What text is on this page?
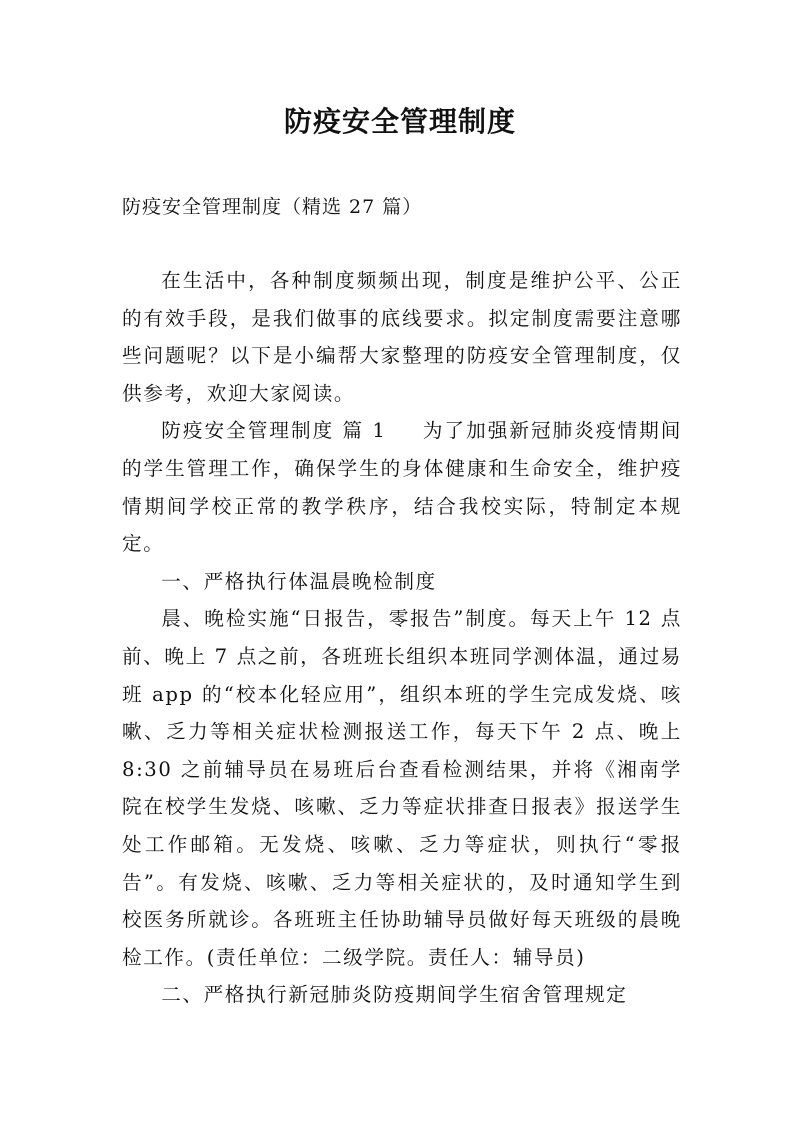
防疫安全管理制度
防疫安全管理制度（精选 27 篇）

在生活中，各种制度频频出现，制度是维护公平、公正的有效手段，是我们做事的底线要求。拟定制度需要注意哪些问题呢？以下是小编帮大家整理的防疫安全管理制度，仅供参考，欢迎大家阅读。

防疫安全管理制度 篇 1 为了加强新冠肺炎疫情期间的学生管理工作，确保学生的身体健康和生命安全，维护疫情期间学校正常的教学秩序，结合我校实际，特制定本规定。

一、严格执行体温晨晚检制度

晨、晚检实施“日报告，零报告”制度。每天上午 12 点前、晚上 7 点之前，各班班长组织本班同学测体温，通过易班 app 的“校本化轻应用”，组织本班的学生完成发烧、咳嗽、乏力等相关症状检测报送工作，每天下午 2 点、晚上 8:30 之前辅导员在易班后台查看检测结果，并将《湘南学院在校学生发烧、咳嗽、乏力等症状排查日报表》报送学生处工作邮箱。无发烧、咳嗽、乏力等症状，则执行“零报告”。有发烧、咳嗽、乏力等相关症状的，及时通知学生到校医务所就诊。各班班主任协助辅导员做好每天班级的晨晚检工作。(责任单位：二级学院。责任人：辅导员)

二、严格执行新冠肺炎防疫期间学生宿舍管理规定
